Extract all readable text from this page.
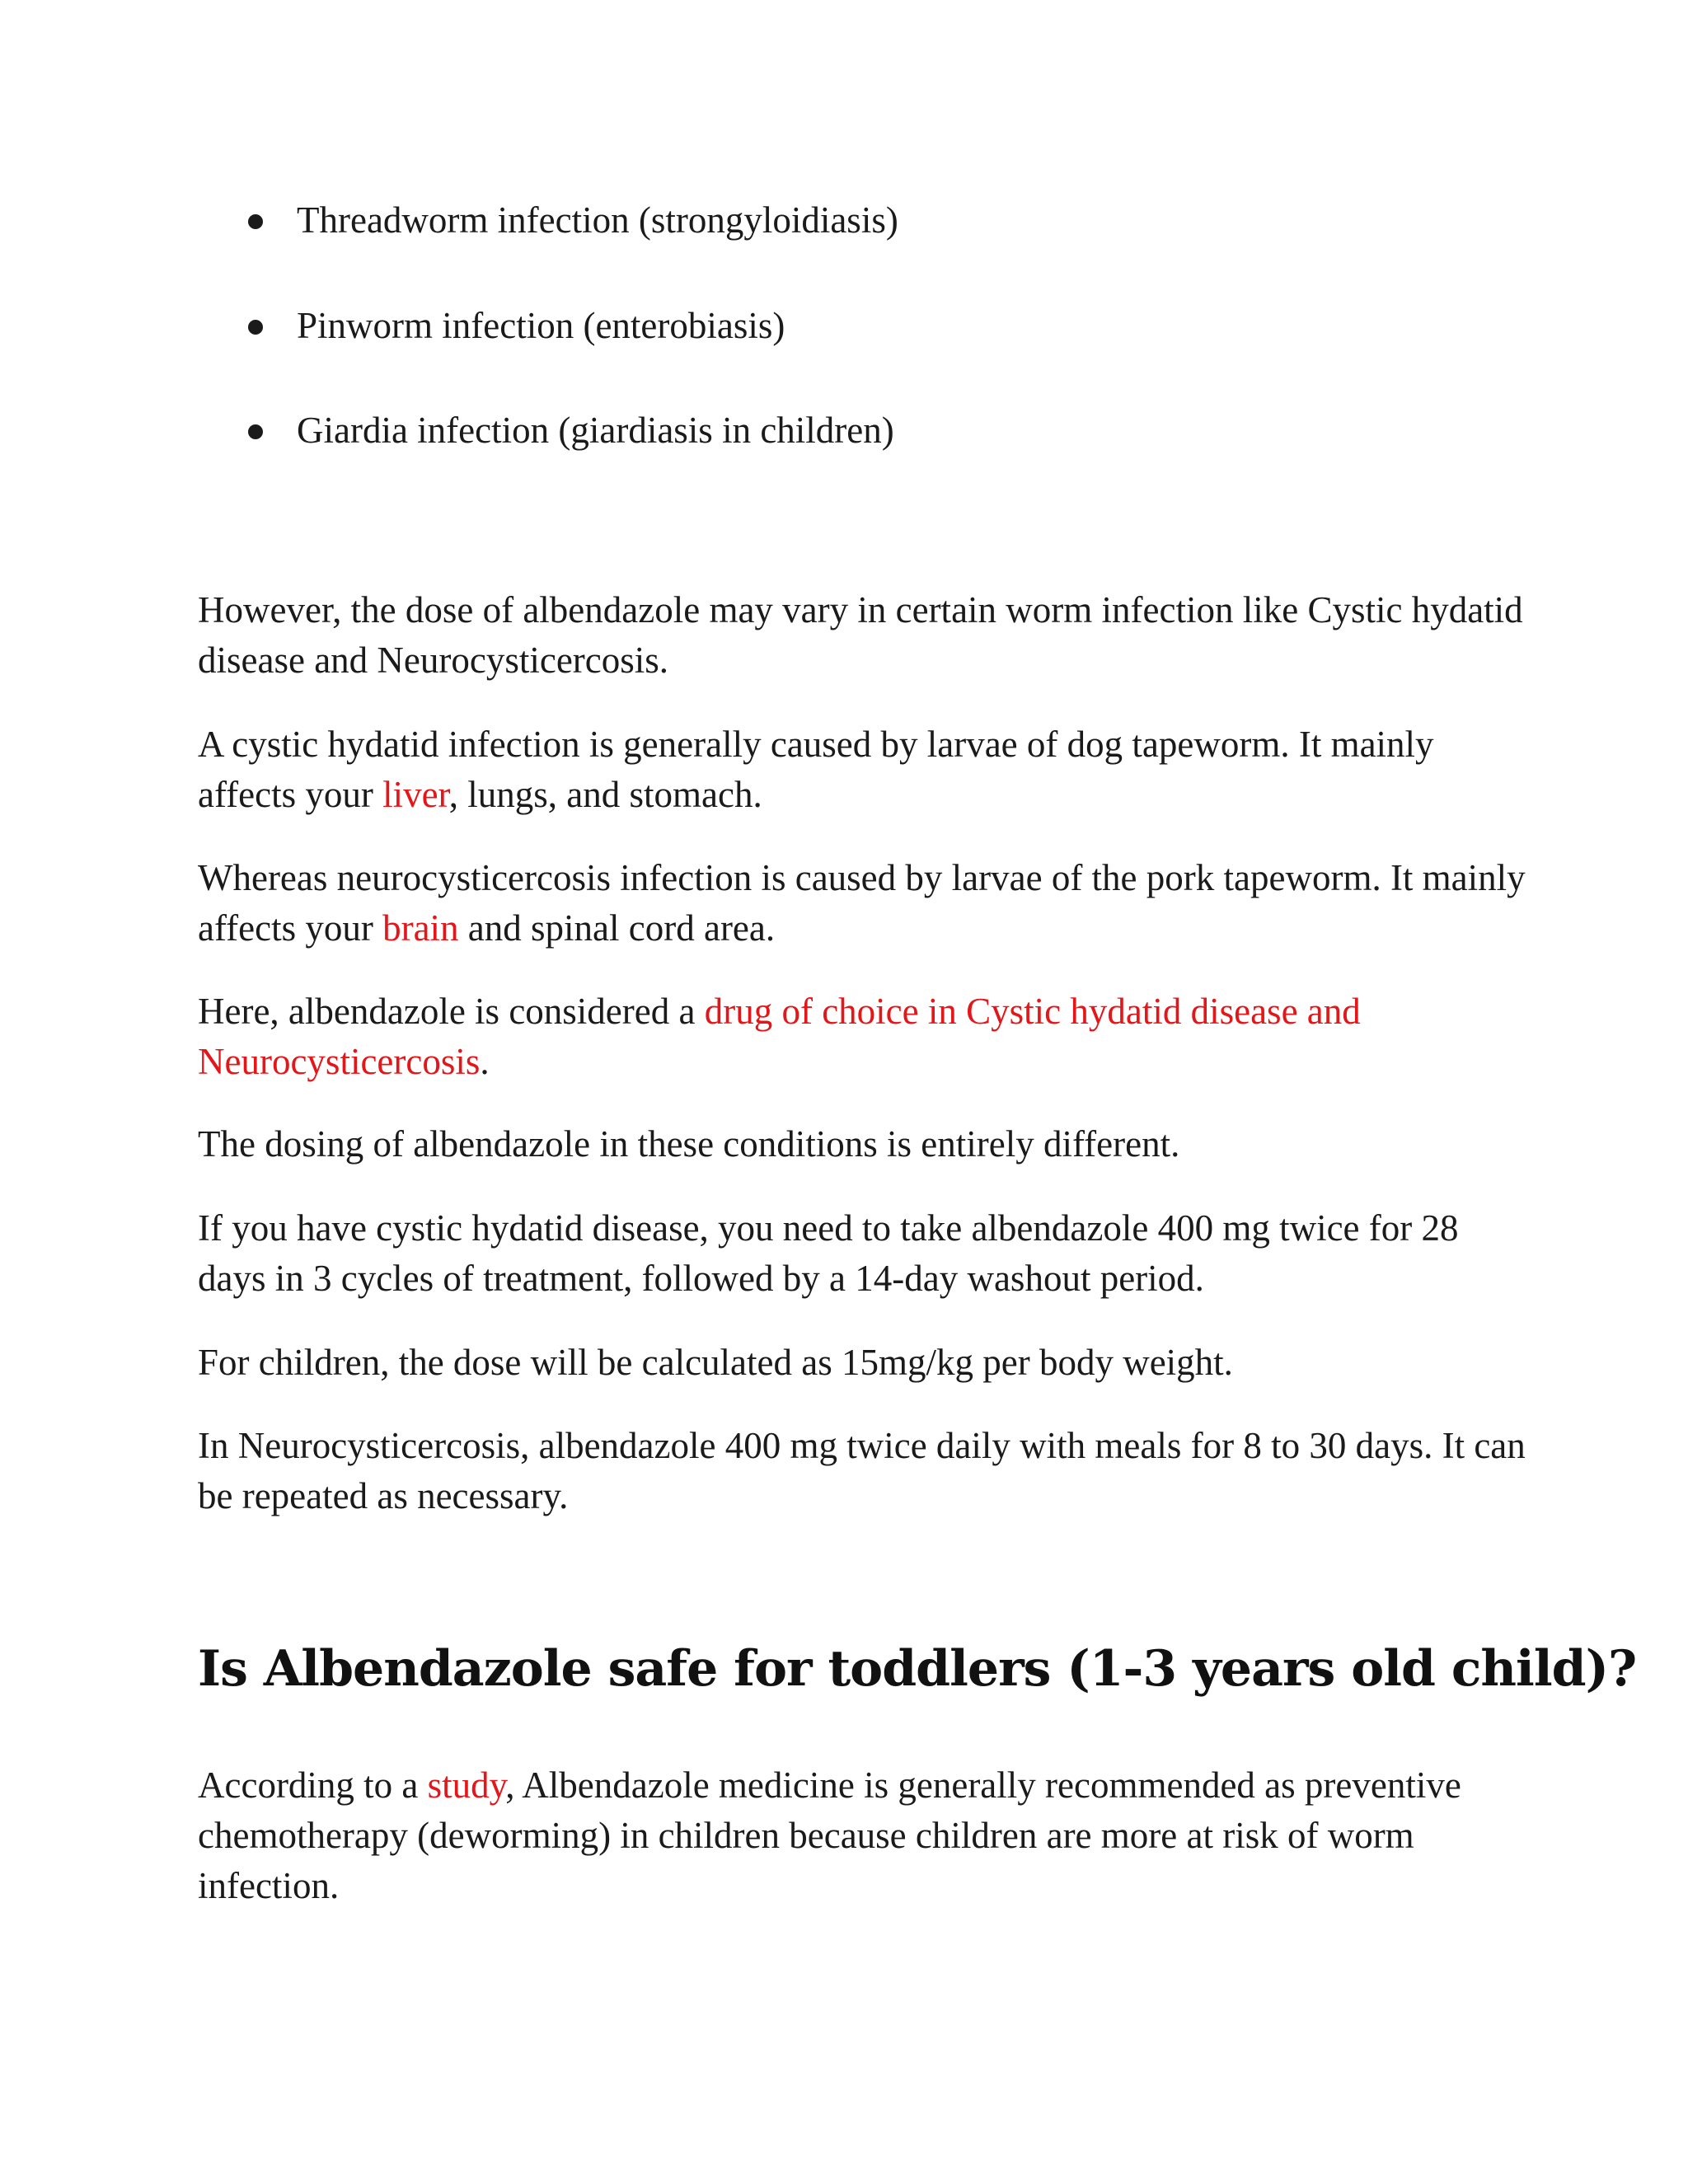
Threadworm infection (strongyloidiasis)
Pinworm infection (enterobiasis)
Giardia infection (giardiasis in children)

However, the dose of albendazole may vary in certain worm infection like Cystic hydatid disease and Neurocysticercosis.

A cystic hydatid infection is generally caused by larvae of dog tapeworm. It mainly affects your liver, lungs, and stomach.

Whereas neurocysticercosis infection is caused by larvae of the pork tapeworm. It mainly affects your brain and spinal cord area.

Here, albendazole is considered a drug of choice in Cystic hydatid disease and Neurocysticercosis.

The dosing of albendazole in these conditions is entirely different.

If you have cystic hydatid disease, you need to take albendazole 400 mg twice for 28 days in 3 cycles of treatment, followed by a 14-day washout period.

For children, the dose will be calculated as 15mg/kg per body weight.

In Neurocysticercosis, albendazole 400 mg twice daily with meals for 8 to 30 days. It can be repeated as necessary.

Is Albendazole safe for toddlers (1-3 years old child)?

According to a study, Albendazole medicine is generally recommended as preventive chemotherapy (deworming) in children because children are more at risk of worm infection.
